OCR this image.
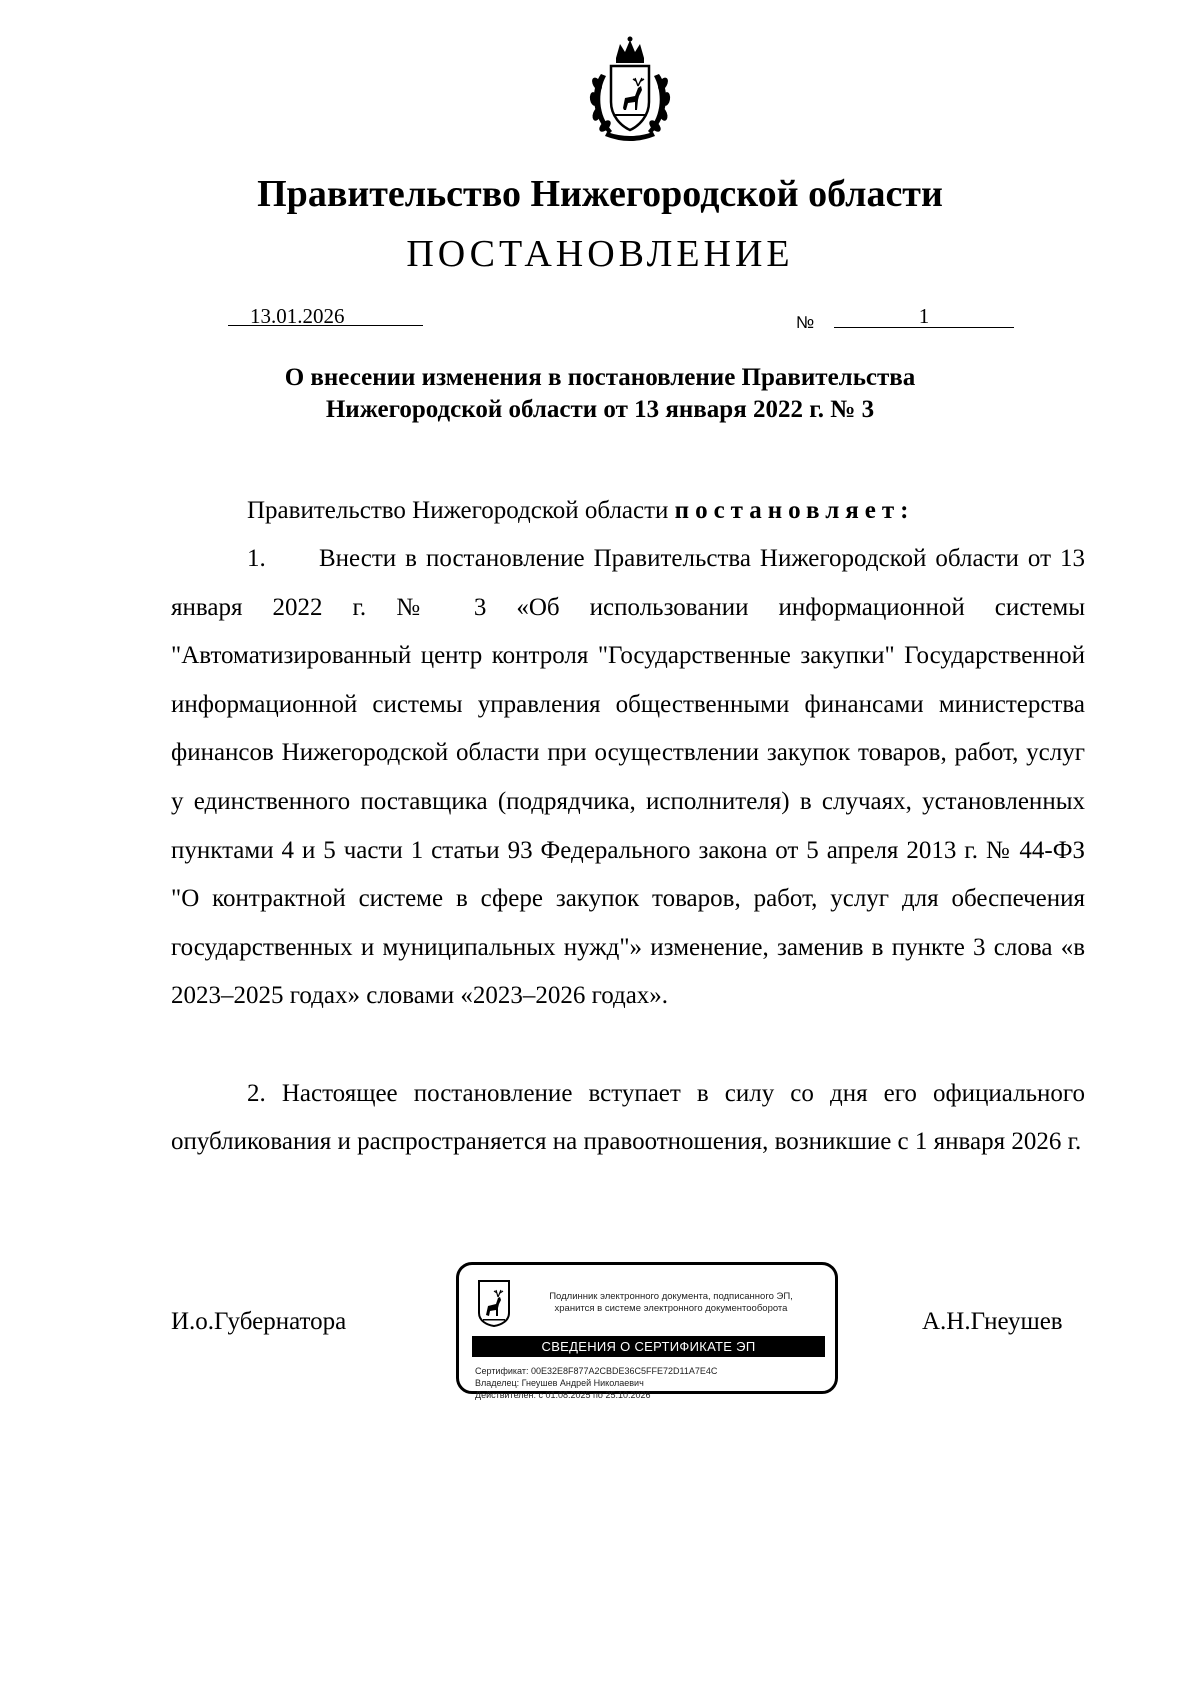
Правительство Нижегородской области
ПОСТАНОВЛЕНИЕ
13.01.2026	№	1
О внесении изменения в постановление Правительства
Нижегородской области от 13 января 2022 г. № 3
Правительство Нижегородской области постановляет:
1. Внести в постановление Правительства Нижегородской области от 13 января 2022 г. № 3 «Об использовании информационной системы "Автоматизированный центр контроля "Государственные закупки" Государственной информационной системы управления общественными финансами министерства финансов Нижегородской области при осуществлении закупок товаров, работ, услуг у единственного поставщика (подрядчика, исполнителя) в случаях, установленных пунктами 4 и 5 части 1 статьи 93 Федерального закона от 5 апреля 2013 г. № 44-ФЗ "О контрактной системе в сфере закупок товаров, работ, услуг для обеспечения государственных и муниципальных нужд"» изменение, заменив в пункте 3 слова «в 2023–2025 годах» словами «2023–2026 годах».
2. Настоящее постановление вступает в силу со дня его официального опубликования и распространяется на правоотношения, возникшие с 1 января 2026 г.
И.о.Губернатора	А.Н.Гнеушев
Подлинник электронного документа, подписанного ЭП,
хранится в системе электронного документооборота
СВЕДЕНИЯ О СЕРТИФИКАТЕ ЭП
Сертификат: 00E32E8F877A2CBDE36C5FFE72D11A7E4C
Владелец: Гнеушев Андрей Николаевич
Действителен: с 01.08.2025 по 25.10.2026
